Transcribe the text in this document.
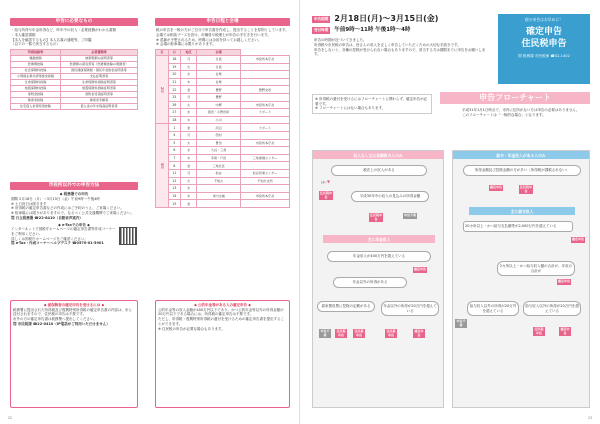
申告に必要なもの
・給与所得や年金所得など、昨年中の収入・必要経費がわかる書類
・本人確認書類
【本人を確認するもの】本人名義の通帳等、ご印鑑
（以下の一覧で該当するもの）
所得控除等	必要書類等
雑損控除	被害明細の証明書等
医療費控除	医療費の領収書等（医療費控除の明細書）
社会保険料控除	国民健康保険税・国民年金掛金証明書等
小規模企業共済等掛金控除	支払証明書等
生命保険料控除	生命保険料控除証明書等
地震保険料控除	地震保険料控除証明書等
寄附金控除	寄附金受領証明書等
障害者控除	障害者手帳等
住宅借入金等特別控除	借入金の年末残高証明書等
市役所以外での申告方法
◆ 税務署での申告
期間 2月18日（月）〜3月15日（金）午前9時〜午後4時
※ 土日祝日は除きます
※ 所得税の確定申告書などの作成にはご予約のうえ、ご来場ください。
※ 駐車場には限りがありますので、なるべく公共交通機関でご来場ください。
問 日立税務署 ☎22-8410（自動音声案内）
◆ e-Taxでの申告 ◆
インターネットで国税庁ホームページの確定申告書等作成コーナーをご利用ください。
詳しくは国税庁ホームページをご確認ください。
問 e-Tax・作成コーナーヘルプデスク ☎0570-01-5901
◆ 被保険者の確定申告を受けるには ◆
税務署に提出された所得税及び復興特別所得税の確定申告書の内容は、市に送付されますので、住民税の申告は不要です。
市外の方の確定申告書は税務署へ提出してください。
問 市民税課 ☎22-0410（IP電話がご利用いただけません）
申告日程と会場
税の申告を一般の方がご自分で申告書を作成し、提出することを原則としています。
会場では相談ブースを設け、市職員や税理士が申告の手引きを行います。
※ 混雑が予想されるため、時間には余裕を持ってお越しください。
※ 会場の駐車場には限りがあります。
月	日	地区	会場	
2月	18	月	日高	市役所本庁舎
	19	火	日高	
	20	水	台尾	
	21	木	台尾	
	22	金	豊野	豊野支所
	25	月	豊野	
	26	火	中郷	市役所本庁舎
	27	水	黒田・小野田町	ラポート
	28	木	小川	
3月	1	金	河辺	ラポート
	4	月	西村	
	5	火	豊田	市役所本庁舎
	6	水	大谷・三角	
	7	木	多賀・戸田	三角保健センター
	8	金	三角北区	
	11	月	松谷	松谷営業センター
	12	火	不知火	不知火支所
	13	水		
	14	木	市内全域	市役所本庁舎
	15	金		
◆ 公的年金等がある人の確定申告 ◆
公的年金等の収入金額が400万円以下であり、かつ公的年金等以外の所得金額が20万円以下である場合には、所得税の確定申告は不要です。
ただし、所得税・復興特別所得税の還付を受けるための確定申告書を提出することができます。
※ 住民税の申告が必要な場合もあります。
22
申告期間 2月18日(月)〜3月15日(金)
受付時間	午前9時〜11時 午後1時〜4時
申告の時期が近づいてきました。
所得税や市民税の申告は、皆さんの収入を正しく申告していただくための大切な手続きです。
申告をしないと、各種の控除が受けられない場合もありますので、該当する方は期限までに申告をお願いします。
税の申告はお早めに！
確定申告
住民税申告
問 税務課 市民税係 ☎32-1402
※ 所得税の還付を受けるにはフローチャートに関わらず、確定申告が必要です。
※ フローチャートにはない場合もあります。
申告フローチャート
平成31年1月1日時点で、市内に住所がない方は申告の必要はありません。
このフローチャートは「一般的な場合」となります。
収入なし又は非課税の人のみ
税法上の収入がある
▼
はい
平成30年中の収入の見込みの所得金額
住民税申告
住民税申告
申告不要
主に年金収入
年金収入が400万円を超えている
確定申告
年金以外の所得がある
源泉徴収票に控除の記載がある	年金以外の所得が20万円を超えている
申告不要
住民税申告
住民税申告
住民税申告
確定申告
給与・年金収入がある人のみ
所得金額及び控除金額の方が多い（所得税が課税されない）
確定申告	住民税申告
主に給与収入
20カ所以上・かつ給与支払額等が2,000万円を超えている
確定申告
2カ所以上・かつ給与収入額の合計が、年収の合計が
確定申告
給与収入以外の所得が20万円を超えている
給与収入以外の所得が20万円を超えている
申告不要
住民税申告
確定申告
23
